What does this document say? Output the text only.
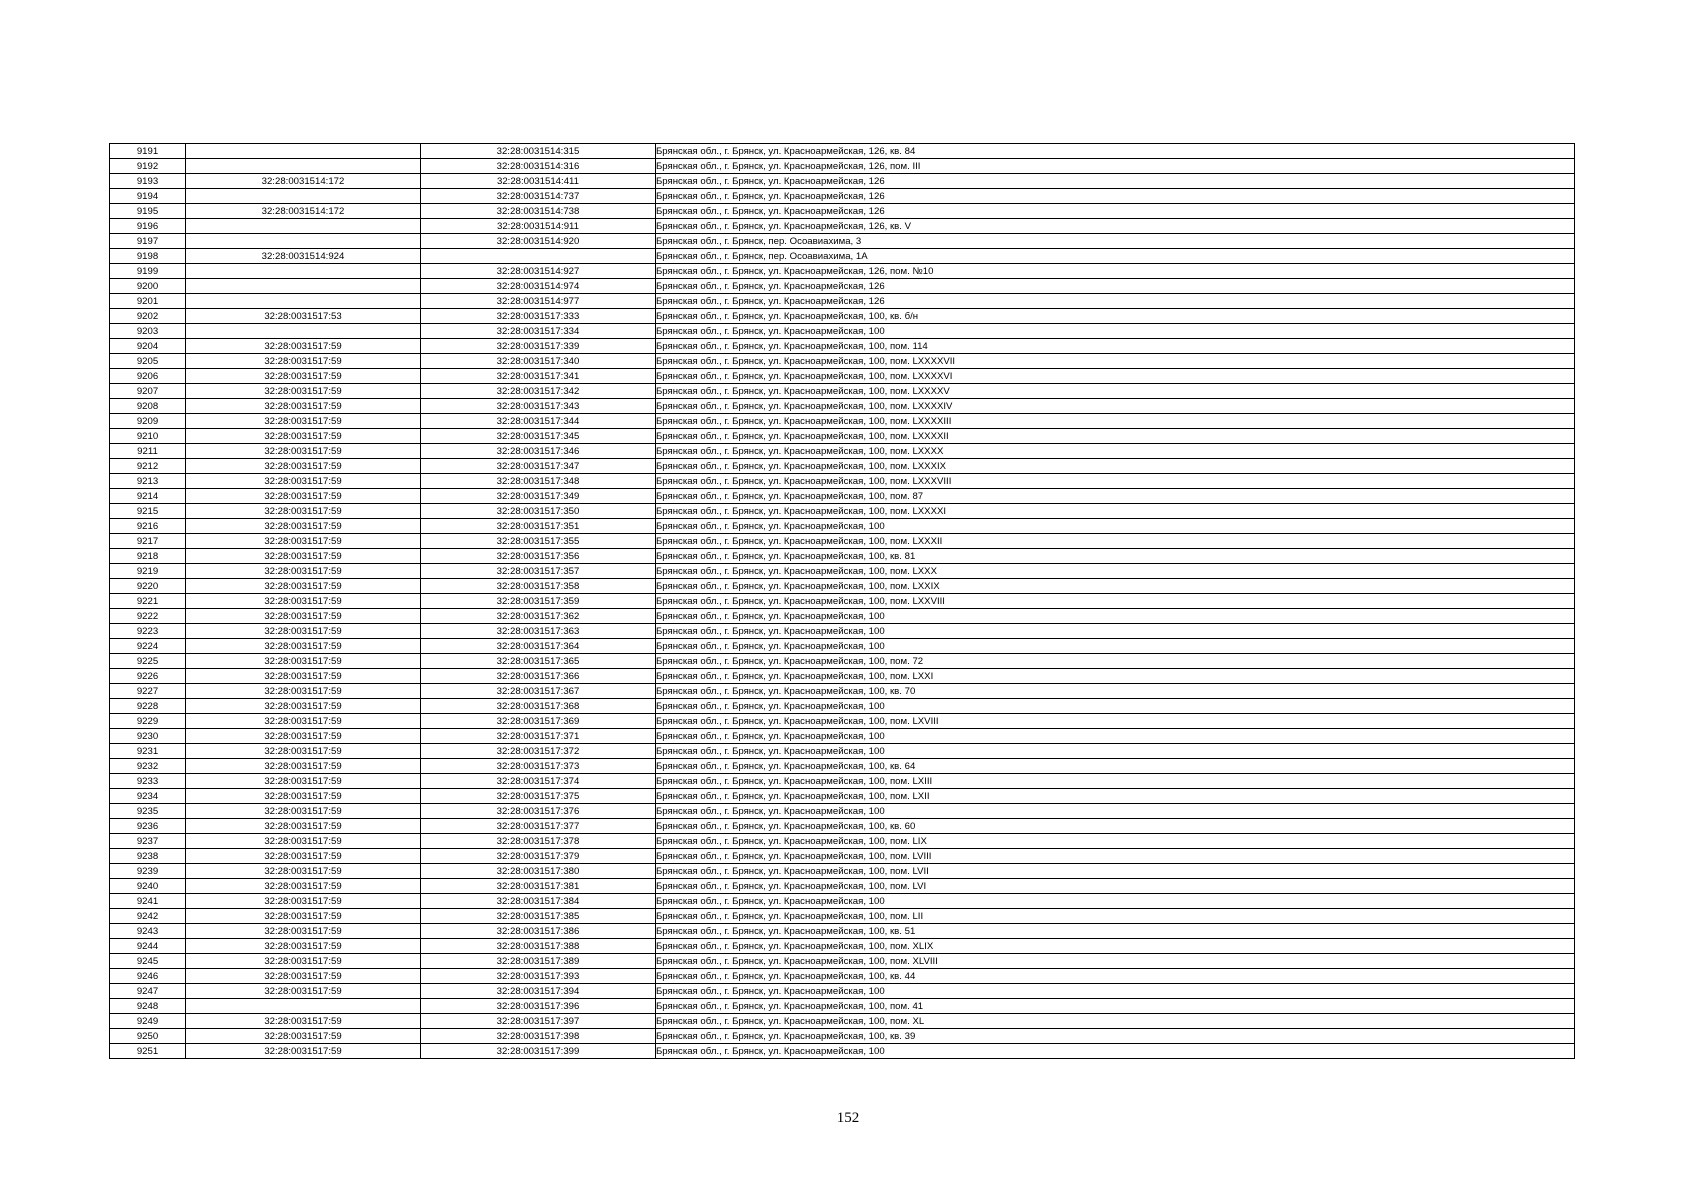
9191		32:28:0031514:315	Брянская обл., г. Брянск, ул. Красноармейская, 126, кв. 84
9192		32:28:0031514:316	Брянская обл., г. Брянск, ул. Красноармейская, 126, пом. III
9193	32:28:0031514:172	32:28:0031514:411	Брянская обл., г. Брянск, ул. Красноармейская, 126
9194		32:28:0031514:737	Брянская обл., г. Брянск, ул. Красноармейская, 126
9195	32:28:0031514:172	32:28:0031514:738	Брянская обл., г. Брянск, ул. Красноармейская, 126
9196		32:28:0031514:911	Брянская обл., г. Брянск, ул. Красноармейская, 126, кв. V
9197		32:28:0031514:920	Брянская обл., г. Брянск, пер. Осоавиахима, 3
9198	32:28:0031514:924		Брянская обл., г. Брянск, пер. Осоавиахима, 1А
9199		32:28:0031514:927	Брянская обл., г. Брянск, ул. Красноармейская, 126, пом. №10
9200		32:28:0031514:974	Брянская обл., г. Брянск, ул. Красноармейская, 126
9201		32:28:0031514:977	Брянская обл., г. Брянск, ул. Красноармейская, 126
9202	32:28:0031517:53	32:28:0031517:333	Брянская обл., г. Брянск, ул. Красноармейская, 100, кв. б/н
9203		32:28:0031517:334	Брянская обл., г. Брянск, ул. Красноармейская, 100
9204	32:28:0031517:59	32:28:0031517:339	Брянская обл., г. Брянск, ул. Красноармейская, 100, пом. 114
9205	32:28:0031517:59	32:28:0031517:340	Брянская обл., г. Брянск, ул. Красноармейская, 100, пом. LXXXXVII
9206	32:28:0031517:59	32:28:0031517:341	Брянская обл., г. Брянск, ул. Красноармейская, 100, пом. LXXXXVI
9207	32:28:0031517:59	32:28:0031517:342	Брянская обл., г. Брянск, ул. Красноармейская, 100, пом. LXXXXV
9208	32:28:0031517:59	32:28:0031517:343	Брянская обл., г. Брянск, ул. Красноармейская, 100, пом. LXXXXIV
9209	32:28:0031517:59	32:28:0031517:344	Брянская обл., г. Брянск, ул. Красноармейская, 100, пом. LXXXXIII
9210	32:28:0031517:59	32:28:0031517:345	Брянская обл., г. Брянск, ул. Красноармейская, 100, пом. LXXXXII
9211	32:28:0031517:59	32:28:0031517:346	Брянская обл., г. Брянск, ул. Красноармейская, 100, пом. LXXXX
9212	32:28:0031517:59	32:28:0031517:347	Брянская обл., г. Брянск, ул. Красноармейская, 100, пом. LXXXIX
9213	32:28:0031517:59	32:28:0031517:348	Брянская обл., г. Брянск, ул. Красноармейская, 100, пом. LXXXVIII
9214	32:28:0031517:59	32:28:0031517:349	Брянская обл., г. Брянск, ул. Красноармейская, 100, пом. 87
9215	32:28:0031517:59	32:28:0031517:350	Брянская обл., г. Брянск, ул. Красноармейская, 100, пом. LXXXXI
9216	32:28:0031517:59	32:28:0031517:351	Брянская обл., г. Брянск, ул. Красноармейская, 100
9217	32:28:0031517:59	32:28:0031517:355	Брянская обл., г. Брянск, ул. Красноармейская, 100, пом. LXXXII
9218	32:28:0031517:59	32:28:0031517:356	Брянская обл., г. Брянск, ул. Красноармейская, 100, кв. 81
9219	32:28:0031517:59	32:28:0031517:357	Брянская обл., г. Брянск, ул. Красноармейская, 100, пом. LXXX
9220	32:28:0031517:59	32:28:0031517:358	Брянская обл., г. Брянск, ул. Красноармейская, 100, пом. LXXIX
9221	32:28:0031517:59	32:28:0031517:359	Брянская обл., г. Брянск, ул. Красноармейская, 100, пом. LXXVIII
9222	32:28:0031517:59	32:28:0031517:362	Брянская обл., г. Брянск, ул. Красноармейская, 100
9223	32:28:0031517:59	32:28:0031517:363	Брянская обл., г. Брянск, ул. Красноармейская, 100
9224	32:28:0031517:59	32:28:0031517:364	Брянская обл., г. Брянск, ул. Красноармейская, 100
9225	32:28:0031517:59	32:28:0031517:365	Брянская обл., г. Брянск, ул. Красноармейская, 100, пом. 72
9226	32:28:0031517:59	32:28:0031517:366	Брянская обл., г. Брянск, ул. Красноармейская, 100, пом. LXXI
9227	32:28:0031517:59	32:28:0031517:367	Брянская обл., г. Брянск, ул. Красноармейская, 100, кв. 70
9228	32:28:0031517:59	32:28:0031517:368	Брянская обл., г. Брянск, ул. Красноармейская, 100
9229	32:28:0031517:59	32:28:0031517:369	Брянская обл., г. Брянск, ул. Красноармейская, 100, пом. LXVIII
9230	32:28:0031517:59	32:28:0031517:371	Брянская обл., г. Брянск, ул. Красноармейская, 100
9231	32:28:0031517:59	32:28:0031517:372	Брянская обл., г. Брянск, ул. Красноармейская, 100
9232	32:28:0031517:59	32:28:0031517:373	Брянская обл., г. Брянск, ул. Красноармейская, 100, кв. 64
9233	32:28:0031517:59	32:28:0031517:374	Брянская обл., г. Брянск, ул. Красноармейская, 100, пом. LXIII
9234	32:28:0031517:59	32:28:0031517:375	Брянская обл., г. Брянск, ул. Красноармейская, 100, пом. LXII
9235	32:28:0031517:59	32:28:0031517:376	Брянская обл., г. Брянск, ул. Красноармейская, 100
9236	32:28:0031517:59	32:28:0031517:377	Брянская обл., г. Брянск, ул. Красноармейская, 100, кв. 60
9237	32:28:0031517:59	32:28:0031517:378	Брянская обл., г. Брянск, ул. Красноармейская, 100, пом. LIX
9238	32:28:0031517:59	32:28:0031517:379	Брянская обл., г. Брянск, ул. Красноармейская, 100, пом. LVIII
9239	32:28:0031517:59	32:28:0031517:380	Брянская обл., г. Брянск, ул. Красноармейская, 100, пом. LVII
9240	32:28:0031517:59	32:28:0031517:381	Брянская обл., г. Брянск, ул. Красноармейская, 100, пом. LVI
9241	32:28:0031517:59	32:28:0031517:384	Брянская обл., г. Брянск, ул. Красноармейская, 100
9242	32:28:0031517:59	32:28:0031517:385	Брянская обл., г. Брянск, ул. Красноармейская, 100, пом. LII
9243	32:28:0031517:59	32:28:0031517:386	Брянская обл., г. Брянск, ул. Красноармейская, 100, кв. 51
9244	32:28:0031517:59	32:28:0031517:388	Брянская обл., г. Брянск, ул. Красноармейская, 100, пом. XLIX
9245	32:28:0031517:59	32:28:0031517:389	Брянская обл., г. Брянск, ул. Красноармейская, 100, пом. XLVIII
9246	32:28:0031517:59	32:28:0031517:393	Брянская обл., г. Брянск, ул. Красноармейская, 100, кв. 44
9247	32:28:0031517:59	32:28:0031517:394	Брянская обл., г. Брянск, ул. Красноармейская, 100
9248		32:28:0031517:396	Брянская обл., г. Брянск, ул. Красноармейская, 100, пом. 41
9249	32:28:0031517:59	32:28:0031517:397	Брянская обл., г. Брянск, ул. Красноармейская, 100, пом. XL
9250	32:28:0031517:59	32:28:0031517:398	Брянская обл., г. Брянск, ул. Красноармейская, 100, кв. 39
9251	32:28:0031517:59	32:28:0031517:399	Брянская обл., г. Брянск, ул. Красноармейская, 100
152
